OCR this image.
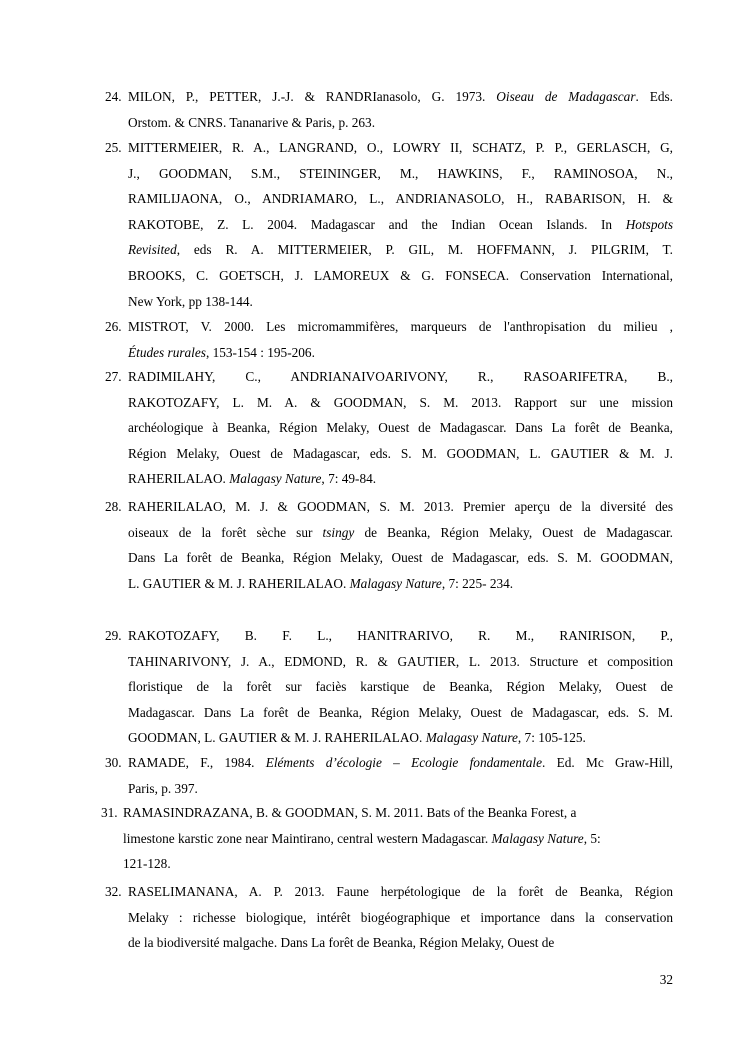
24. MILON, P., PETTER, J.-J. & RANDRIanasolo, G. 1973. Oiseau de Madagascar. Eds.
Orstom. & CNRS. Tananarive & Paris, p. 263.
25. MITTERMEIER, R. A., LANGRAND, O., LOWRY II, SCHATZ, P. P., GERLASCH, G,
J., GOODMAN, S.M., STEININGER, M., HAWKINS, F., RAMINOSOA, N.,
RAMILIJAONA, O., ANDRIAMARO, L., ANDRIANASOLO, H., RABARISON, H. &
RAKOTOBE, Z. L. 2004. Madagascar and the Indian Ocean Islands. In Hotspots
Revisited, eds R. A. MITTERMEIER, P. GIL, M. HOFFMANN, J. PILGRIM, T.
BROOKS, C. GOETSCH, J. LAMOREUX & G. FONSECA. Conservation International,
New York, pp 138-144.
26. MISTROT, V. 2000. Les micromammifères, marqueurs de l'anthropisation du milieu ,
Études rurales, 153-154 : 195-206.
27. RADIMILAHY, C., ANDRIANAIVOARIVONY, R., RASOARIFETRA, B.,
RAKOTOZAFY, L. M. A. & GOODMAN, S. M. 2013. Rapport sur une mission
archéologique à Beanka, Région Melaky, Ouest de Madagascar. Dans La forêt de Beanka,
Région Melaky, Ouest de Madagascar, eds. S. M. GOODMAN, L. GAUTIER & M. J.
RAHERILALAO. Malagasy Nature, 7: 49-84.
28. RAHERILALAO, M. J. & GOODMAN, S. M. 2013. Premier aperçu de la diversité des
oiseaux de la forêt sèche sur tsingy de Beanka, Région Melaky, Ouest de Madagascar.
Dans La forêt de Beanka, Région Melaky, Ouest de Madagascar, eds. S. M. GOODMAN,
L. GAUTIER & M. J. RAHERILALAO. Malagasy Nature, 7: 225- 234.
29. RAKOTOZAFY, B. F. L., HANITRARIVO, R. M., RANIRISON, P.,
TAHINARIVONY, J. A., EDMOND, R. & GAUTIER, L. 2013. Structure et composition
floristique de la forêt sur faciès karstique de Beanka, Région Melaky, Ouest de
Madagascar. Dans La forêt de Beanka, Région Melaky, Ouest de Madagascar, eds. S. M.
GOODMAN, L. GAUTIER & M. J. RAHERILALAO. Malagasy Nature, 7: 105-125.
30. RAMADE, F., 1984. Eléments d’écologie – Ecologie fondamentale. Ed. Mc Graw-Hill,
Paris, p. 397.
31. RAMASINDRAZANA, B. & GOODMAN, S. M. 2011. Bats of the Beanka Forest, a
limestone karstic zone near Maintirano, central western Madagascar. Malagasy Nature, 5:
121-128.
32. RASELIMANANA, A. P. 2013. Faune herpétologique de la forêt de Beanka, Région
Melaky : richesse biologique, intérêt biogéographique et importance dans la conservation
de la biodiversité malgache. Dans La forêt de Beanka, Région Melaky, Ouest de
32
